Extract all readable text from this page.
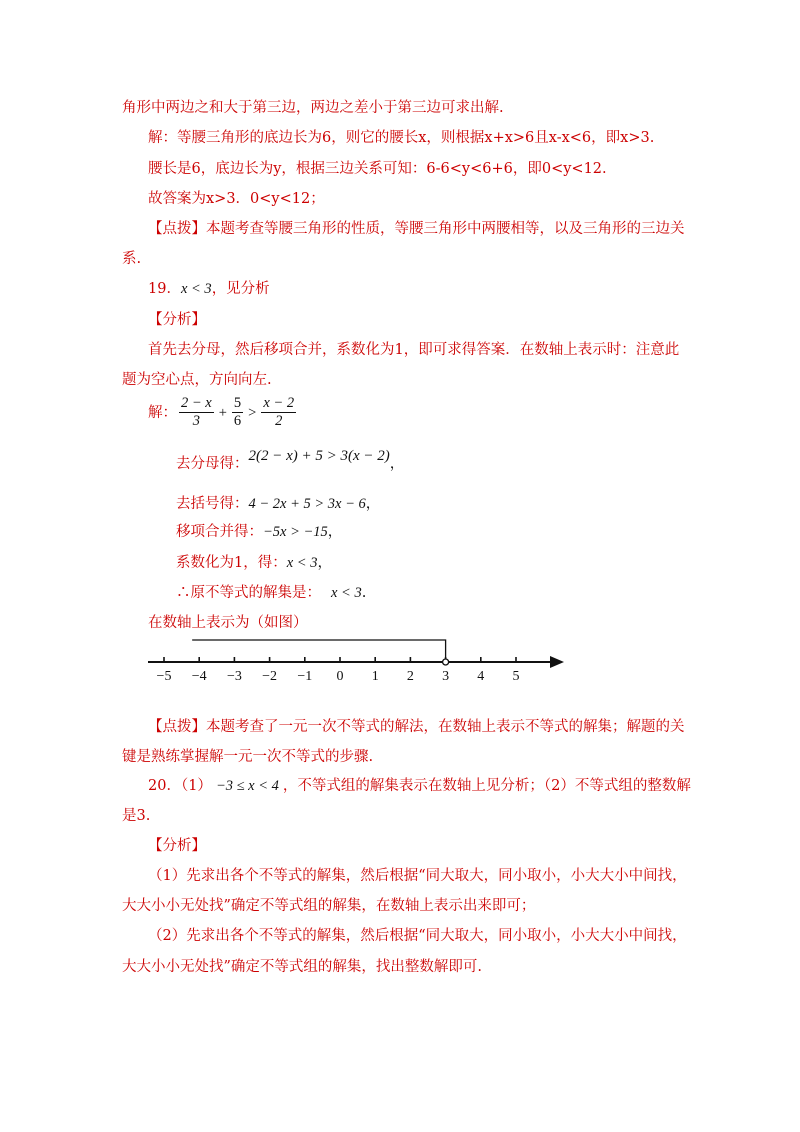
角形中两边之和大于第三边，两边之差小于第三边可求出解.
解：等腰三角形的底边长为6，则它的腰长x，则根据x+x>6且x-x<6，即x>3.
腰长是6，底边长为y，根据三边关系可知：6-6<y<6+6，即0<y<12.
故答案为x>3．0<y<12；
【点拨】本题考查等腰三角形的性质，等腰三角形中两腰相等，以及三角形的三边关
系.
19．x < 3，见分析
【分析】
首先去分母，然后移项合并，系数化为1，即可求得答案．在数轴上表示时：注意此
题为空心点，方向向左.
解： $\frac{2 - x}{3} + \frac{5}{6} > \frac{x - 2}{2}$
去分母得：2(2 − x) + 5 > 3(x − 2)，
去括号得：4 − 2x + 5 > 3x − 6，
移项合并得：−5x > −15，
系数化为1，得：x < 3，
∴原不等式的解集是： x < 3.
在数轴上表示为（如图）
−5 −4 −3 −2 −1 0 1 2 3 4 5
【点拨】本题考查了一元一次不等式的解法，在数轴上表示不等式的解集；解题的关
键是熟练掌握解一元一次不等式的步骤.
20．（1） −3 ≤ x < 4 ，不等式组的解集表示在数轴上见分析；（2）不等式组的整数解
是3.
【分析】
（1）先求出各个不等式的解集，然后根据“同大取大，同小取小，小大大小中间找，
大大小小无处找”确定不等式组的解集，在数轴上表示出来即可；
（2）先求出各个不等式的解集，然后根据“同大取大，同小取小，小大大小中间找，
大大小小无处找”确定不等式组的解集，找出整数解即可.
